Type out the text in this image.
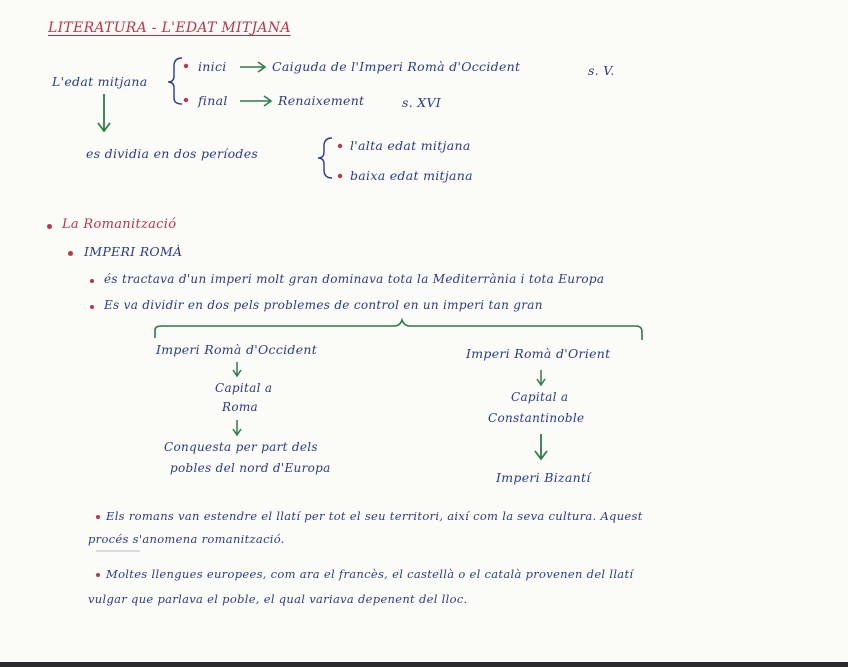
LITERATURA - L'EDAT MITJANA
L'edat mitjana
inici	Caiguda de l'Imperi Romà d'Occident	s. V.
final	Renaixement	s. XVI
es dividia en dos períodes
l'alta edat mitjana
baixa edat mitjana
La Romanització
IMPERI ROMÀ
és tractava d'un imperi molt gran dominava tota la Mediterrània i tota Europa
Es va dividir en dos pels problemes de control en un imperi tan gran
Imperi Romà d'Occident
Capital a
Roma
Conquesta per part dels
pobles del nord d'Europa
Imperi Romà d'Orient
Capital a
Constantinoble
Imperi Bizantí
Els romans van estendre el llatí per tot el seu territori, així com la seva cultura. Aquest
procés s'anomena romanització.
Moltes llengues europees, com ara el francès, el castellà o el català provenen del llatí
vulgar que parlava el poble, el qual variava depenent del lloc.
